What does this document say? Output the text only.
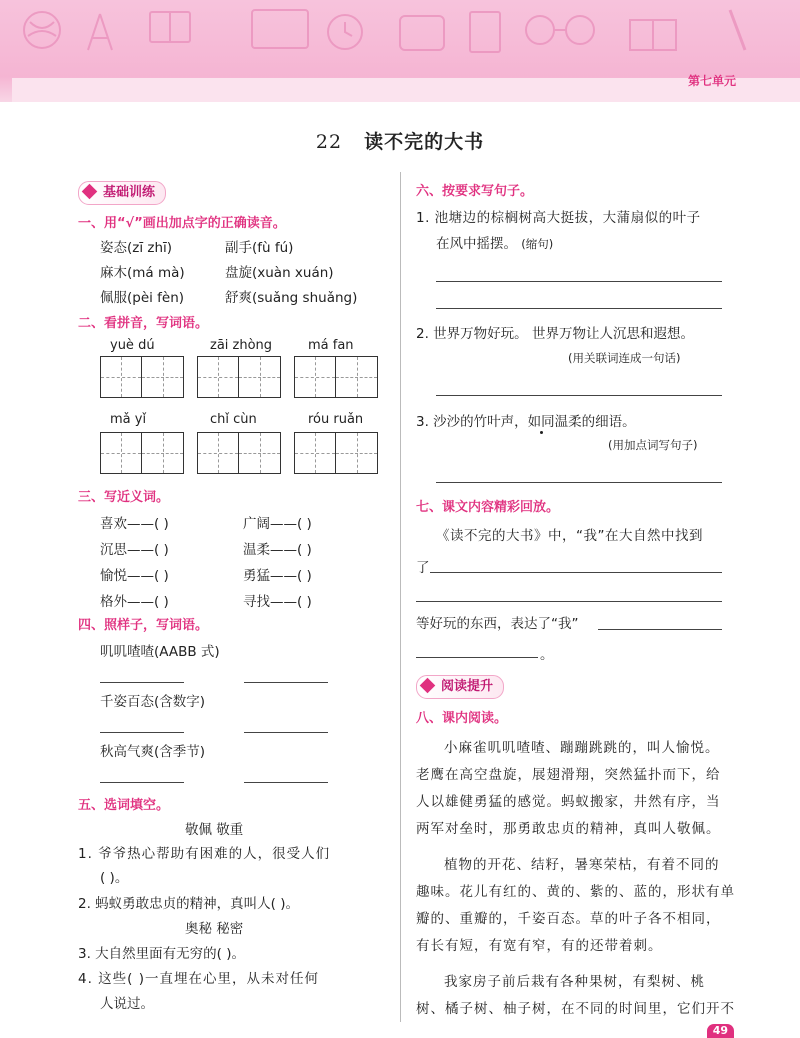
第七单元
22 读不完的大书
基础训练
一、用“√”画出加点字的正确读音。
姿态(zī zhī)	副手(fù fú)
麻木(má mà)	盘旋(xuàn xuán)
佩服(pèi fèn)	舒爽(suǎng shuǎng)
二、看拼音，写词语。
yuè dú	zāi zhòng	má fan
mǎ yǐ	chǐ cùn	róu ruǎn
三、写近义词。
喜欢——( )	广阔——( )
沉思——( )	温柔——( )
愉悦——( )	勇猛——( )
格外——( )	寻找——( )
四、照样子，写词语。
叽叽喳喳(AABB 式)
千姿百态(含数字)
秋高气爽(含季节)
五、选词填空。
敬佩 敬重
1. 爷爷热心帮助有困难的人，很受人们
( )。
2. 蚂蚁勇敢忠贞的精神，真叫人( )。
奥秘 秘密
3. 大自然里面有无穷的( )。
4. 这些( )一直埋在心里，从未对任何
人说过。
六、按要求写句子。
1. 池塘边的棕榈树高大挺拔，大蒲扇似的叶子
在风中摇摆。 (缩句)
2. 世界万物好玩。 世界万物让人沉思和遐想。
(用关联词连成一句话)
3. 沙沙的竹叶声，如同温柔的细语。
(用加点词写句子)
七、课文内容精彩回放。
《读不完的大书》中，“我”在大自然中找到
了
等好玩的东西，表达了“我”
。
阅读提升
八、课内阅读。
小麻雀叽叽喳喳、蹦蹦跳跳的，叫人愉悦。
老鹰在高空盘旋，展翅滑翔，突然猛扑而下，给
人以雄健勇猛的感觉。蚂蚁搬家，井然有序，当
两军对垒时，那勇敢忠贞的精神，真叫人敬佩。
植物的开花、结籽，暑寒荣枯，有着不同的
趣味。花儿有红的、黄的、紫的、蓝的，形状有单
瓣的、重瓣的，千姿百态。草的叶子各不相同，
有长有短，有宽有窄，有的还带着刺。
我家房子前后栽有各种果树，有梨树、桃
树、橘子树、柚子树，在不同的时间里，它们开不
49
